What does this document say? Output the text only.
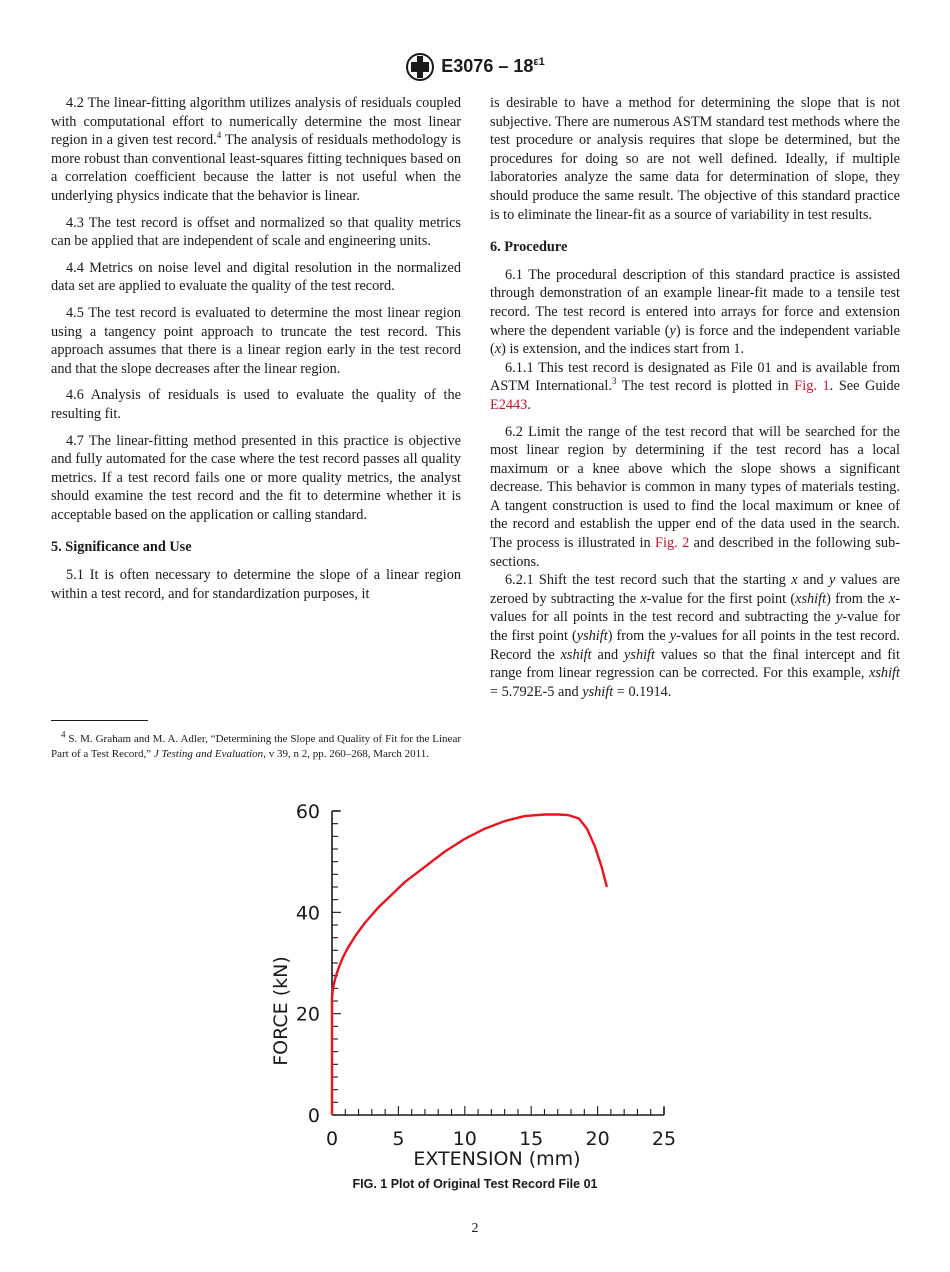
$E3076 - 18^{\varepsilon 1}$

4.2 The linear-fitting algorithm utilizes analysis of residuals coupled with computational effort to numerically determine the most linear region in a given test record.$^4$ The analysis of residuals methodology is more robust than conventional least-squares fitting techniques based on a correlation coefficient because the latter is not useful when the underlying physics indicate that the behavior is linear.

4.3 The test record is offset and normalized so that quality metrics can be applied that are independent of scale and engineering units.

4.4 Metrics on noise level and digital resolution in the normalized data set are applied to evaluate the quality of the test record.

4.5 The test record is evaluated to determine the most linear region using a tangency point approach to truncate the test record. This approach assumes that there is a linear region early in the test record and that the slope decreases after the linear region.

4.6 Analysis of residuals is used to evaluate the quality of the resulting fit.

4.7 The linear-fitting method presented in this practice is objective and fully automated for the case where the test record passes all quality metrics. If a test record fails one or more quality metrics, the analyst should examine the test record and the fit to determine whether it is acceptable based on the application or calling standard.

5. Significance and Use

5.1 It is often necessary to determine the slope of a linear region within a test record, and for standardization purposes, it

$^4$ S. M. Graham and M. A. Adler, “Determining the Slope and Quality of Fit for the Linear Part of a Test Record,” J Testing and Evaluation, v 39, n 2, pp. 260–268, March 2011.

is desirable to have a method for determining the slope that is not subjective. There are numerous ASTM standard test methods where the test procedure or analysis requires that slope be determined, but the procedures for doing so are not well defined. Ideally, if multiple laboratories analyze the same data for determination of slope, they should produce the same result. The objective of this standard practice is to eliminate the linear-fit as a source of variability in test results.

6. Procedure

6.1 The procedural description of this standard practice is assisted through demonstration of an example linear-fit made to a tensile test record. The test record is entered into arrays for force and extension where the dependent variable (y) is force and the independent variable (x) is extension, and the indices start from 1.

6.1.1 This test record is designated as File 01 and is available from ASTM International.$^3$ The test record is plotted in Fig. 1. See Guide E2443.

6.2 Limit the range of the test record that will be searched for the most linear region by determining if the test record has a local maximum or a knee above which the slope shows a significant decrease. This behavior is common in many types of materials testing. A tangent construction is used to find the local maximum or knee of the record and establish the upper end of the data used in the search. The process is illustrated in Fig. 2 and described in the following sub-sections.

6.2.1 Shift the test record such that the starting x and y values are zeroed by subtracting the x-value for the first point (xshift) from the x-values for all points in the test record and subtracting the y-value for the first point (yshift) from the y-values for all points in the test record. Record the xshift and yshift values so that the final intercept and fit range from linear regression can be corrected. For this example, xshift = 5.792E-5 and yshift = 0.1914.

EXTENSION (mm)
FORCE (kN)
0	5	10 15 20 25
0
20
40
60
FIG. 1 Plot of Original Test Record File 01
2
